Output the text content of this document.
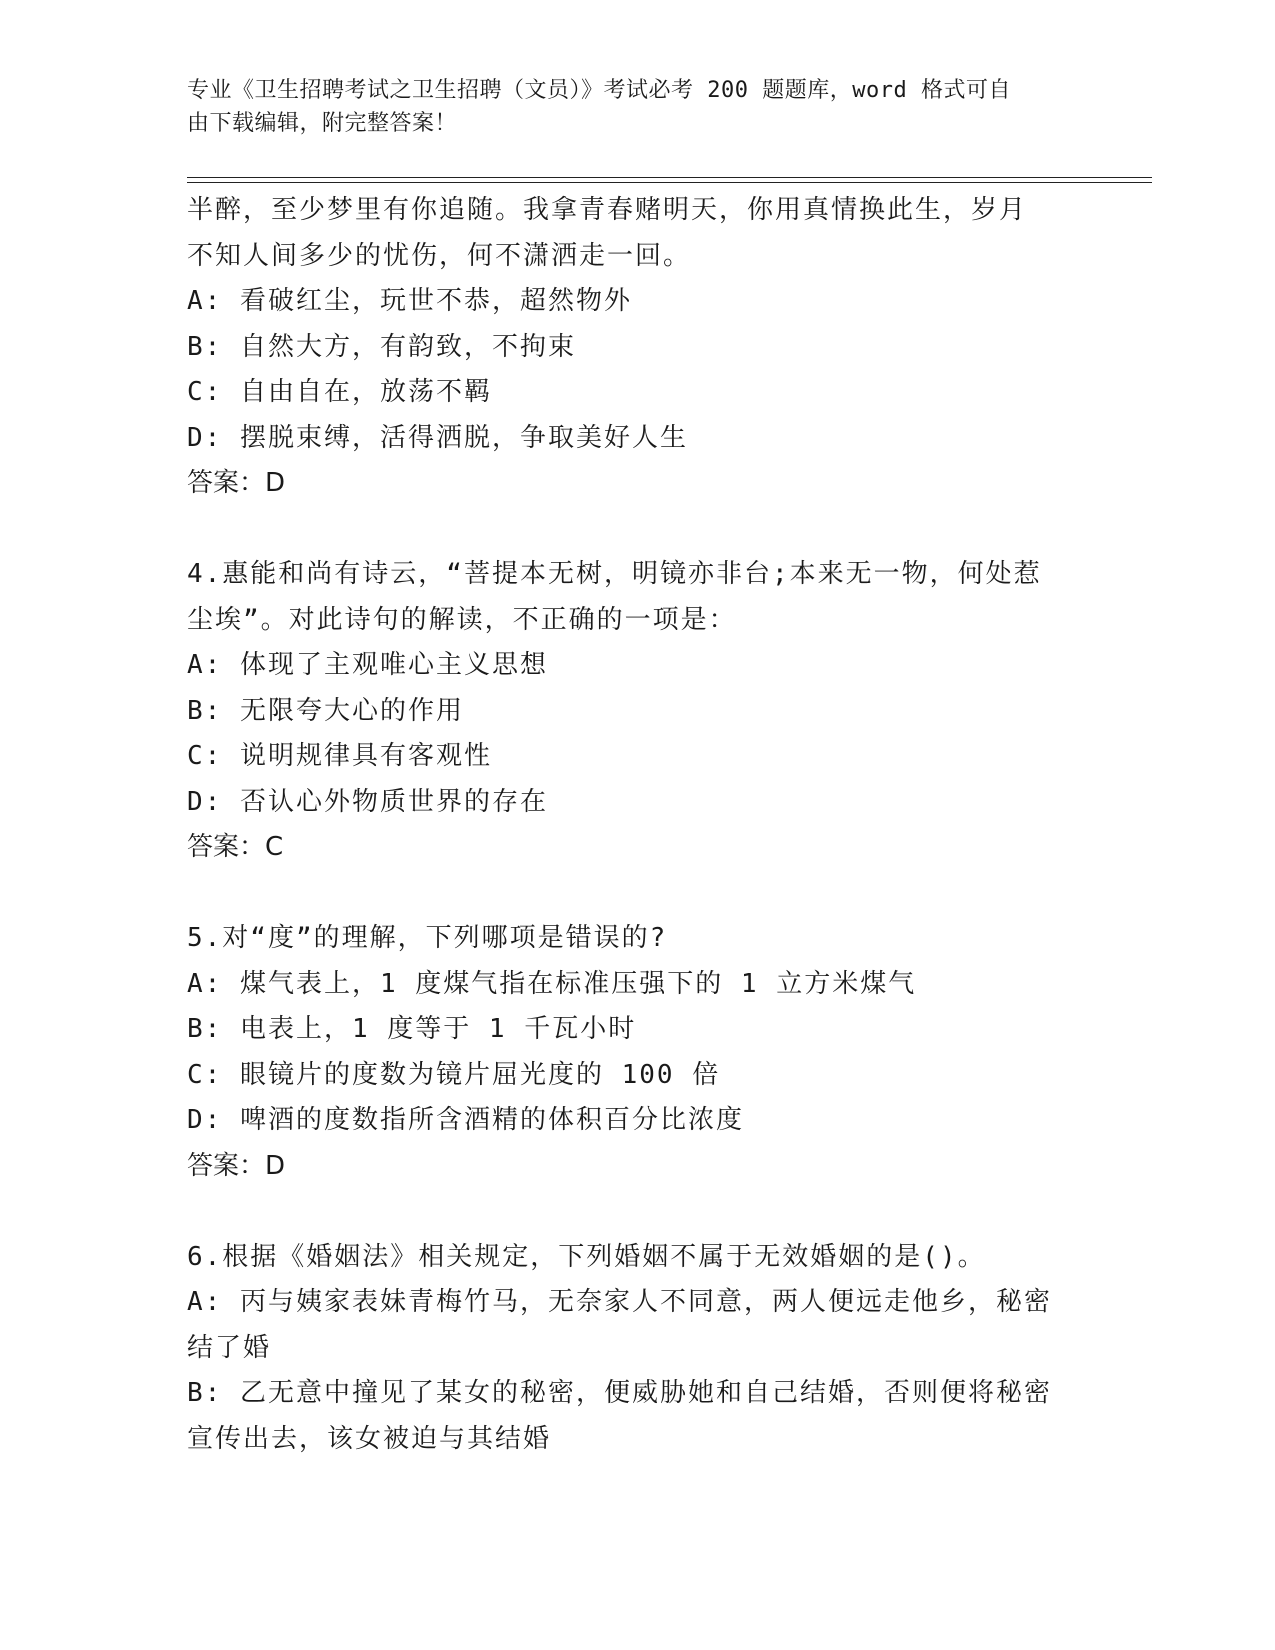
专业《卫生招聘考试之卫生招聘（文员）》考试必考 200 题题库，word 格式可自
由下载编辑，附完整答案！
半醉，至少梦里有你追随。我拿青春赌明天，你用真情换此生，岁月
不知人间多少的忧伤，何不潇洒走一回。
A: 看破红尘，玩世不恭，超然物外
B: 自然大方，有韵致，不拘束
C: 自由自在，放荡不羁
D: 摆脱束缚，活得洒脱，争取美好人生
答案：D
4.惠能和尚有诗云，“菩提本无树，明镜亦非台;本来无一物，何处惹
尘埃”。对此诗句的解读，不正确的一项是：
A: 体现了主观唯心主义思想
B: 无限夸大心的作用
C: 说明规律具有客观性
D: 否认心外物质世界的存在
答案：C
5.对“度”的理解，下列哪项是错误的?
A: 煤气表上，1 度煤气指在标准压强下的 1 立方米煤气
B: 电表上，1 度等于 1 千瓦小时
C: 眼镜片的度数为镜片屈光度的 100 倍
D: 啤酒的度数指所含酒精的体积百分比浓度
答案：D
6.根据《婚姻法》相关规定，下列婚姻不属于无效婚姻的是()。
A: 丙与姨家表妹青梅竹马，无奈家人不同意，两人便远走他乡，秘密
结了婚
B: 乙无意中撞见了某女的秘密，便威胁她和自己结婚，否则便将秘密
宣传出去，该女被迫与其结婚
